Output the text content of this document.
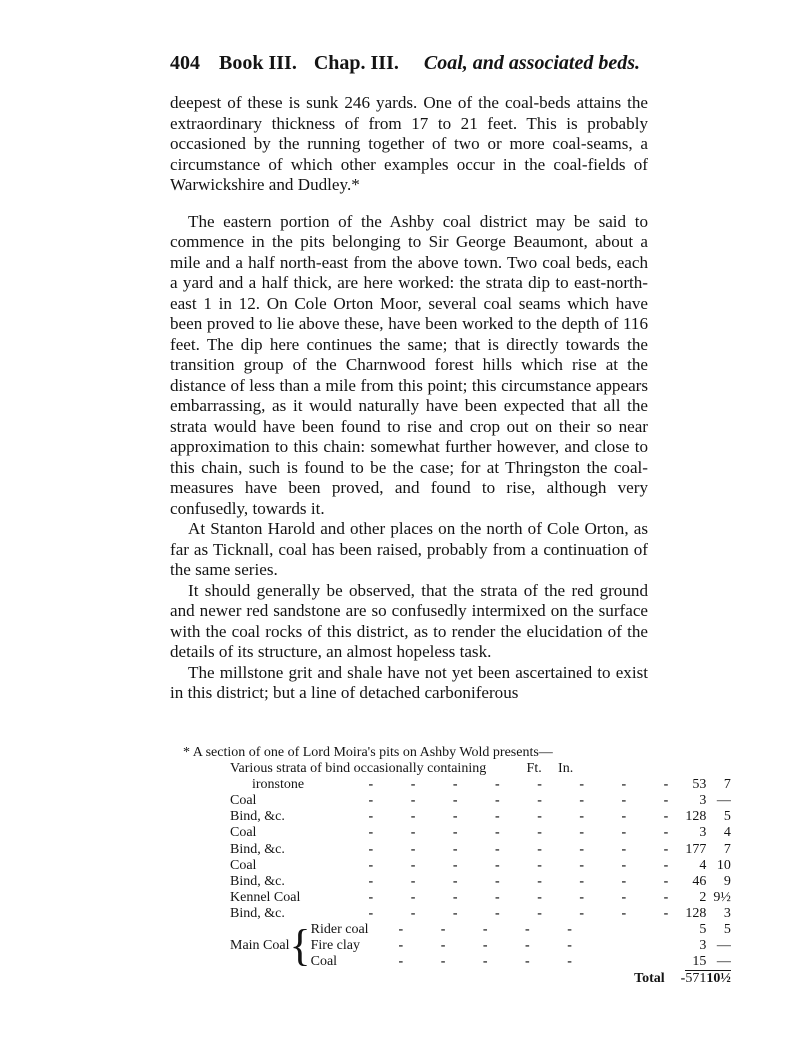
404 Book III. Chap. III. Coal, and associated beds.

deepest of these is sunk 246 yards. One of the coal-beds attains the extraordinary thickness of from 17 to 21 feet. This is probably occasioned by the running together of two or more coal-seams, a circumstance of which other examples occur in the coal-fields of Warwickshire and Dudley.*

The eastern portion of the Ashby coal district may be said to commence in the pits belonging to Sir George Beaumont, about a mile and a half north-east from the above town. Two coal beds, each a yard and a half thick, are here worked: the strata dip to east-north-east 1 in 12. On Cole Orton Moor, several coal seams which have been proved to lie above these, have been worked to the depth of 116 feet. The dip here continues the same; that is directly towards the transition group of the Charnwood forest hills which rise at the distance of less than a mile from this point; this circumstance appears embarrassing, as it would naturally have been expected that all the strata would have been found to rise and crop out on their so near approximation to this chain: somewhat further however, and close to this chain, such is found to be the case; for at Thringston the coal-measures have been proved, and found to rise, although very confusedly, towards it.

At Stanton Harold and other places on the north of Cole Orton, as far as Ticknall, coal has been raised, probably from a continuation of the same series.

It should generally be observed, that the strata of the red ground and newer red sandstone are so confusedly intermixed on the surface with the coal rocks of this district, as to render the elucidation of the details of its structure, an almost hopeless task.

The millstone grit and shale have not yet been ascertained to exist in this district; but a line of detached carboniferous

* A section of one of Lord Moira's pits on Ashby Wold presents—

Various strata of bind occasionally containing	Ft. In.

ironstone			- - - - - - - -	53	7
Coal			- - - - - - - -	3	—
Bind, &c.			- - - - - - - -	128	5
Coal			- - - - - - - -	3	4
Bind, &c.			- - - - - - - -	177	7
Coal			- - - - - - - -	4	10
Bind, &c.			- - - - - - - -	46	9
Kennel Coal			- - - - - - - -	2	9½
Bind, &c.			- - - - - - - -	128	3
Main Coal	{	Rider coal	- - - - -	5	5
		Fire clay	- - - - -	3	—
		Coal	- - - - -	15	—
			Total -	571	10½
